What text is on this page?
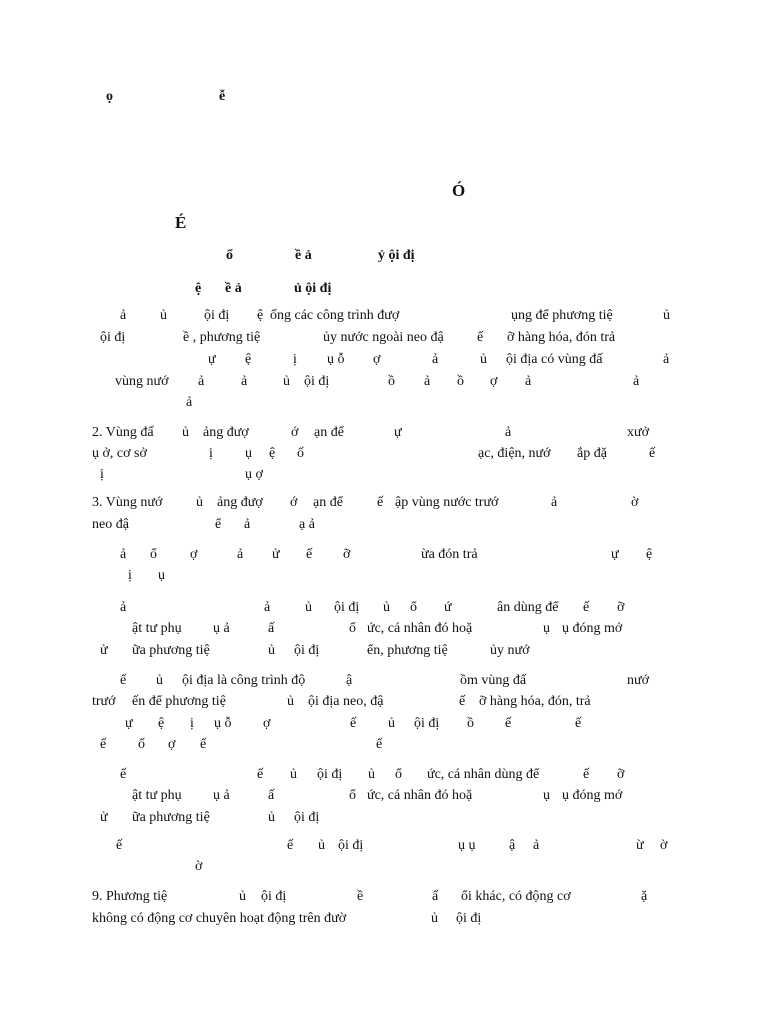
ọ	ễ
Ó
É
ổ	ề ả	ỷ ội đị
ệ ề ả	ủ ội đị
ả ủ	ội đị ệ ống các công trình đượ	ụng để phương tiệ	ủ
ội đị	ề , phương tiệ	ủy nước ngoài neo đậ ế ỡ hàng hóa, đón trả
ự ệ	ị ụ ỗ ợ	ả	ủ ội địa có vùng đấ	ả
vùng nướ ả	ả	ủ ội đị	ồ ả ồ ợ ả	ả
ả
2. Vùng đấ ủ ảng đượ	ớ ạn để	ự	ả	xưở
ụ ở, cơ sở	ị ụ ệ ố	ạc, điện, nướ ắp đặ	ế
ị	ụ ợ
3. Vùng nướ ủ ảng đượ ớ ạn để ế ập vùng nước trướ	ả	ờ
neo đậ	ể ả	ạ ả
ả ổ ợ	ả ử ế ỡ	ừa đón trả	ự ệ
ị ụ
ả	ả ủ ội đị ủ ổ ứ	ân dùng để ế ỡ
ật tư phụ ụ ả	ấ	ổ ức, cá nhân đó hoặ	ụ ụ đóng mớ
ử ữa phương tiệ	ủ ội đị	ển, phương tiệ	ủy nướ
ế ủ ội địa là công trình độ	ậ	ồm vùng đấ	nướ
trướ ến để phương tiệ	ủ ội địa neo, đậ	ế ỡ hàng hóa, đón, trả
ự ệ ị ụ ỗ ợ	ế ủ ội đị ồ ế	ế
ế ố ợ ế	ế
ế	ế ủ ội đị ủ ổ ức, cá nhân dùng để	ế ỡ
ật tư phụ ụ ả	ấ	ổ ức, cá nhân đó hoặ	ụ ụ đóng mớ
ử ữa phương tiệ	ủ ội đị
ế	ế ủ ội đị	ụ ụ ậ ả	ừ ờ
ờ
9. Phương tiệ	ủ ội đị	ề	ấ ổi khác, có động cơ	ặ
không có động cơ chuyên hoạt động trên đườ	ủ ội đị
